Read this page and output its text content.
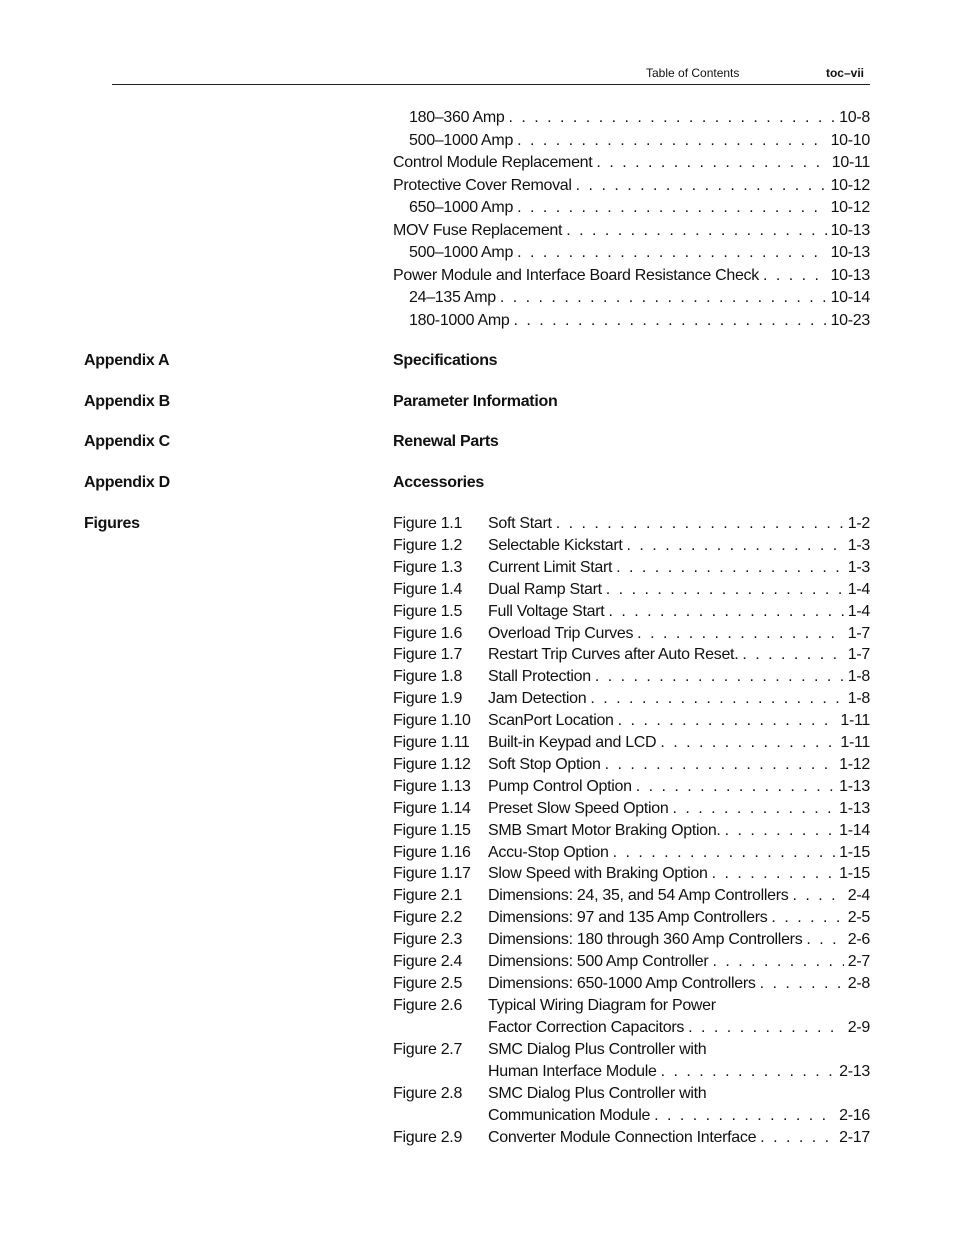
Table of Contents	toc–vii
180–360 Amp . . .	10-8
500–1000 Amp . . .	10-10
Control Module Replacement . . .	10-11
Protective Cover Removal . . .	10-12
650–1000 Amp . . .	10-12
MOV Fuse Replacement . . .	10-13
500–1000 Amp . . .	10-13
Power Module and Interface Board Resistance Check . . .	10-13
24–135 Amp . . .	10-14
180-1000 Amp . . .	10-23
Appendix A	Specifications
Appendix B	Parameter Information
Appendix C	Renewal Parts
Appendix D	Accessories
Figures	Figure 1.1 Soft Start . . .	1-2
Figure 1.2 Selectable Kickstart . . .	1-3
Figure 1.3 Current Limit Start . . .	1-3
Figure 1.4 Dual Ramp Start . . .	1-4
Figure 1.5 Full Voltage Start . . .	1-4
Figure 1.6 Overload Trip Curves . . .	1-7
Figure 1.7 Restart Trip Curves after Auto Reset. . . .	1-7
Figure 1.8 Stall Protection . . .	1-8
Figure 1.9 Jam Detection . . .	1-8
Figure 1.10 ScanPort Location . . .	1-11
Figure 1.11 Built-in Keypad and LCD . . .	1-11
Figure 1.12 Soft Stop Option . . .	1-12
Figure 1.13 Pump Control Option . . .	1-13
Figure 1.14 Preset Slow Speed Option . . .	1-13
Figure 1.15 SMB Smart Motor Braking Option. . . .	1-14
Figure 1.16 Accu-Stop Option . . .	1-15
Figure 1.17 Slow Speed with Braking Option . . .	1-15
Figure 2.1 Dimensions: 24, 35, and 54 Amp Controllers . . .	2-4
Figure 2.2 Dimensions: 97 and 135 Amp Controllers . . .	2-5
Figure 2.3 Dimensions: 180 through 360 Amp Controllers . . .	2-6
Figure 2.4 Dimensions: 500 Amp Controller . . .	2-7
Figure 2.5 Dimensions: 650-1000 Amp Controllers . . .	2-8
Figure 2.6 Typical Wiring Diagram for Power
Factor Correction Capacitors . . .	2-9
Figure 2.7 SMC Dialog Plus Controller with
Human Interface Module . . .	2-13
Figure 2.8 SMC Dialog Plus Controller with
Communication Module . . .	2-16
Figure 2.9 Converter Module Connection Interface . . .	2-17
